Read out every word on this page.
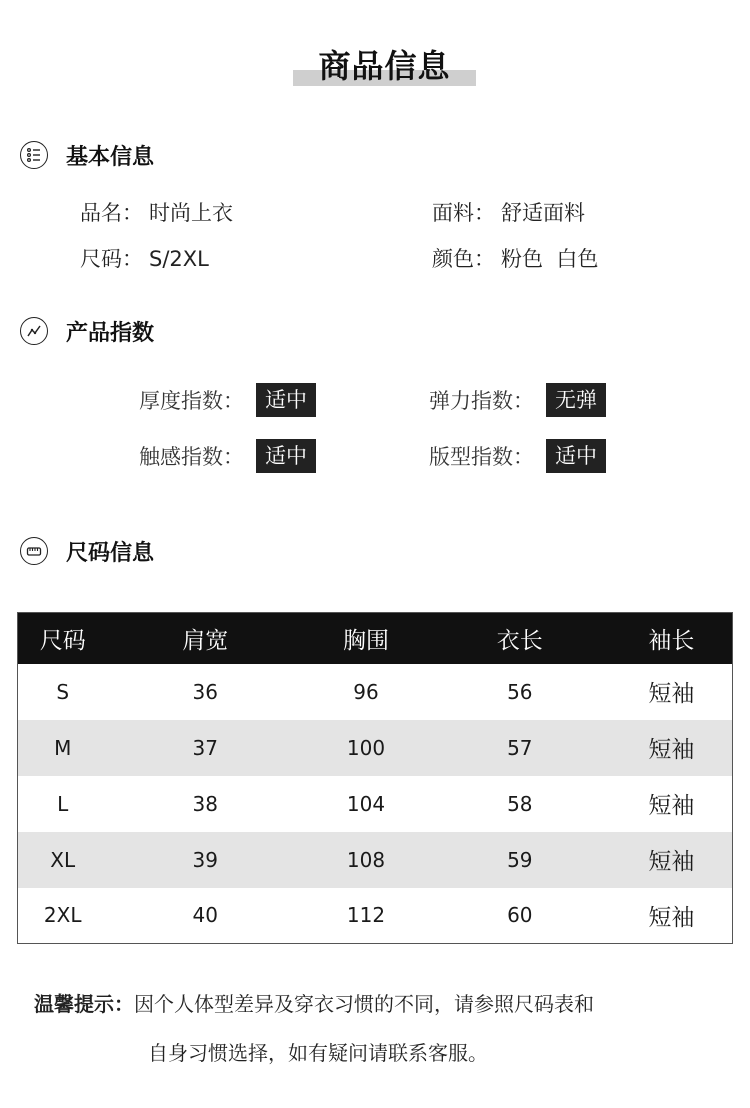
商品信息
基本信息
品名： 时尚上衣	面料： 舒适面料
尺码： S/2XL	颜色： 粉色  白色
产品指数
厚度指数：	适中	弹力指数：	无弹
触感指数：	适中	版型指数：	适中
尺码信息
尺码	肩宽	胸围	衣长	袖长
S	36	96	56	短袖
M	37	100	57	短袖
L	38	104	58	短袖
XL	39	108	59	短袖
2XL	40	112	60	短袖
温馨提示：因个人体型差异及穿衣习惯的不同，请参照尺码表和
自身习惯选择，如有疑问请联系客服。
